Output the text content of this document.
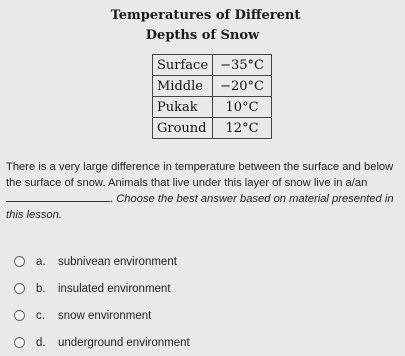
Temperatures of Different
Depths of Snow
Surface	−35°C
Middle	−20°C
Pukak	10°C
Ground	12°C
There is a very large difference in temperature between the surface and below the surface of snow. Animals that live under this layer of snow live in a/an . Choose the best answer based on material presented in this lesson.
a.	subnivean environment
b.	insulated environment
c.	snow environment
d.	underground environment
